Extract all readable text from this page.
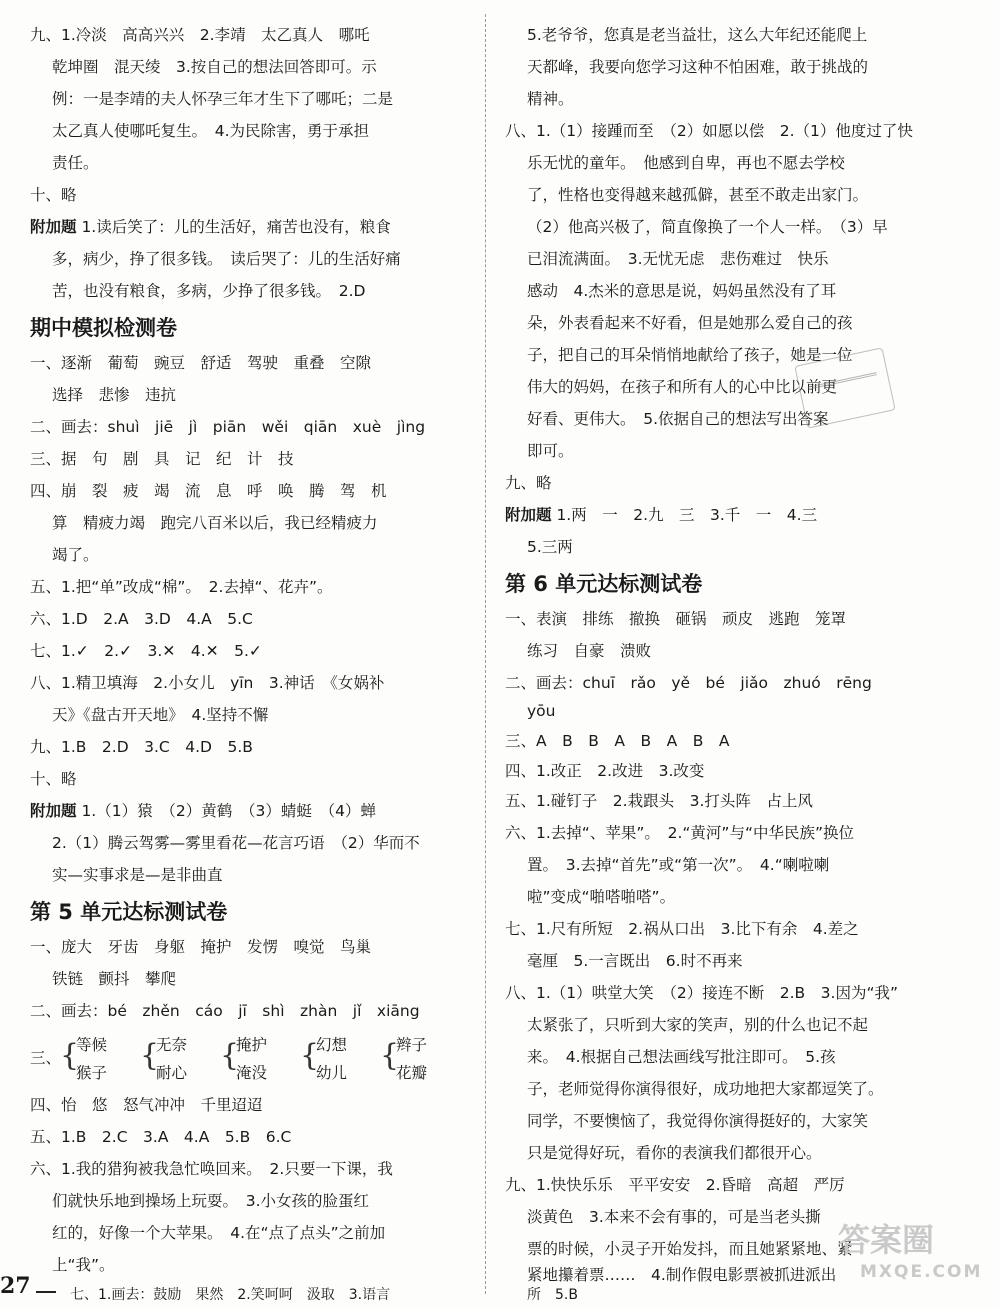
九、1.冷淡　高高兴兴　2.李靖　太乙真人　哪吒
乾坤圈　混天绫　3.按自己的想法回答即可。示
例：一是李靖的夫人怀孕三年才生下了哪吒；二是
太乙真人使哪吒复生。　4.为民除害，勇于承担
责任。
十、略
附加题 1.读后笑了：儿的生活好，痛苦也没有，粮食
多，病少，挣了很多钱。　读后哭了：儿的生活好痛
苦，也没有粮食，多病，少挣了很多钱。　2.D
期中模拟检测卷
一、逐渐　葡萄　豌豆　舒适　驾驶　重叠　空隙
选择　悲惨　违抗
二、画去：shuì　jiē　jì　piān　wěi　qiān　xuè　jìng
三、据　句　剧　具　记　纪　计　技
四、崩　裂　疲　竭　流　息　呼　唤　腾　驾　机
算　精疲力竭　跑完八百米以后，我已经精疲力
竭了。
五、1.把“单”改成“棉”。　2.去掉“、花卉”。
六、1.D　2.A　3.D　4.A　5.C
七、1.✓　2.✓　3.✕　4.✕　5.✓
八、1.精卫填海　2.小女儿　yīn　3.神话　《女娲补
天》《盘古开天地》　4.坚持不懈
九、1.B　2.D　3.C　4.D　5.B
十、略
附加题 1.（1）猿　（2）黄鹤　（3）蜻蜓　（4）蝉
2.（1）腾云驾雾—雾里看花—花言巧语　（2）华而不
实—实事求是—是非曲直
第 5 单元达标测试卷
一、庞大　牙齿　身躯　掩护　发愣　嗅觉　鸟巢
铁链　颤抖　攀爬
二、画去：bé　zhěn　cáo　jī　shì　zhàn　jǐ　xiāng
三、
{
等候
猴子 {
无奈
耐心 {
掩护
淹没 {
幻想
幼儿 {
辫子
花瓣
四、怡　悠　怒气冲冲　千里迢迢
五、1.B　2.C　3.A　4.A　5.B　6.C
六、1.我的猎狗被我急忙唤回来。　2.只要一下课，我
们就快乐地到操场上玩耍。　3.小女孩的脸蛋红
红的，好像一个大苹果。　4.在“点了点头”之前加
上“我”。
5.老爷爷，您真是老当益壮，这么大年纪还能爬上
天都峰，我要向您学习这种不怕困难，敢于挑战的
精神。
八、1.（1）接踵而至　（2）如愿以偿　2.（1）他度过了快
乐无忧的童年。　他感到自卑，再也不愿去学校
了，性格也变得越来越孤僻，甚至不敢走出家门。
（2）他高兴极了，简直像换了一个人一样。　（3）早
已泪流满面。　3.无忧无虑　悲伤难过　快乐
感动　4.杰米的意思是说，妈妈虽然没有了耳
朵，外表看起来不好看，但是她那么爱自己的孩
子，把自己的耳朵悄悄地献给了孩子，她是一位
伟大的妈妈，在孩子和所有人的心中比以前更
好看、更伟大。　5.依据自己的想法写出答案
即可。
九、略
附加题 1.两　一　2.九　三　3.千　一　4.三
5.三两
第 6 单元达标测试卷
一、表演　排练　撤换　砸锅　顽皮　逃跑　笼罩
练习　自豪　溃败
二、画去：chuī　rǎo　yě　bé　jiǎo　zhuó　rēng
yōu
三、A　B　B　A　B　A　B　A
四、1.改正　2.改进　3.改变
五、1.碰钉子　2.栽跟头　3.打头阵　占上风
六、1.去掉“、苹果”。　2.“黄河”与“中华民族”换位
置。　3.去掉“首先”或“第一次”。　4.“喇啦喇
啦”变成“啪嗒啪嗒”。
七、1.尺有所短　2.祸从口出　3.比下有余　4.差之
毫厘　5.一言既出　6.时不再来
八、1.（1）哄堂大笑　（2）接连不断　2.B　3.因为“我”
太紧张了，只听到大家的笑声，别的什么也记不起
来。　4.根据自己想法画线写批注即可。　5.孩
子，老师觉得你演得很好，成功地把大家都逗笑了。
同学，不要懊恼了，我觉得你演得挺好的，大家笑
只是觉得好玩，看你的表演我们都很开心。
九、1.快快乐乐　平平安安　2.昏暗　高超　严厉
淡黄色　3.本来不会有事的，可是当老头撕
票的时候，小灵子开始发抖，而且她紧紧地、紧
紧地攥着票……　4.制作假电影票被抓进派出
所　5.B
七、1.画去：鼓励　果然　2.笑呵呵　汲取　3.语言
27
答案圈
MXQE.COM
